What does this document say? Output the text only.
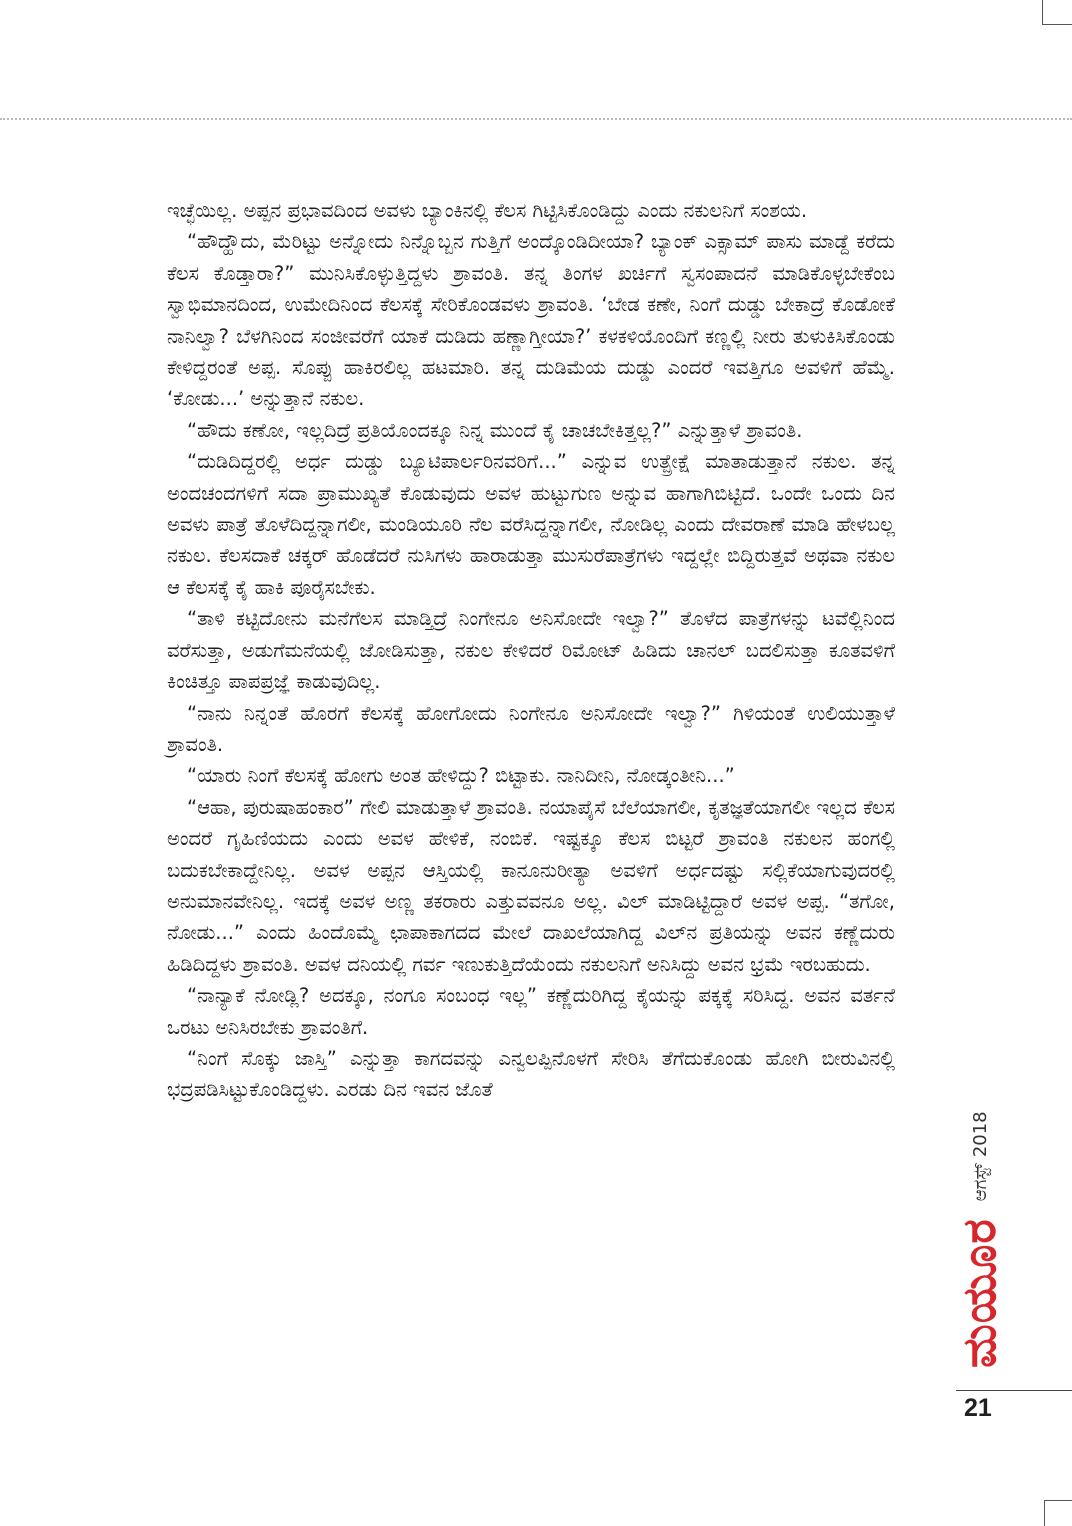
ಇಚ್ಛೆಯಿಲ್ಲ. ಅಪ್ಪನ ಪ್ರಭಾವದಿಂದ ಅವಳು ಬ್ಯಾಂಕಿನಲ್ಲಿ ಕೆಲಸ ಗಿಟ್ಟಿಸಿಕೊಂಡಿದ್ದು ಎಂದು ನಕುಲನಿಗೆ ಸಂಶಯ.

“ಹೌದ್ಹೌದು, ಮೆರಿಟ್ಟು ಅನ್ನೋದು ನಿನ್ನೊಬ್ಬನ ಗುತ್ತಿಗೆ ಅಂದ್ಕೊಂಡಿದೀಯಾ? ಬ್ಯಾಂಕ್ ಎಕ್ಸಾಮ್ ಪಾಸು ಮಾಡ್ದೆ ಕರೆದು ಕೆಲಸ ಕೊಡ್ತಾರಾ?” ಮುನಿಸಿಕೊಳ್ಳುತ್ತಿದ್ದಳು ಶ್ರಾವಂತಿ. ತನ್ನ ತಿಂಗಳ ಖರ್ಚಿಗೆ ಸ್ವಸಂಪಾದನೆ ಮಾಡಿಕೊಳ್ಳಬೇಕೆಂಬ ಸ್ವಾಭಿಮಾನದಿಂದ, ಉಮೇದಿನಿಂದ ಕೆಲಸಕ್ಕೆ ಸೇರಿಕೊಂಡವಳು ಶ್ರಾವಂತಿ. ‘ಬೇಡ ಕಣೇ, ನಿಂಗೆ ದುಡ್ಡು ಬೇಕಾದ್ರೆ ಕೊಡೋಕೆ ನಾನಿಲ್ವಾ? ಬೆಳಗಿನಿಂದ ಸಂಜೀವರೆಗೆ ಯಾಕೆ ದುಡಿದು ಹಣ್ಣಾಗ್ತೀಯಾ?’ ಕಳಕಳಿಯೊಂದಿಗೆ ಕಣ್ಣಲ್ಲಿ ನೀರು ತುಳುಕಿಸಿಕೊಂಡು ಕೇಳಿದ್ದರಂತೆ ಅಪ್ಪ. ಸೊಪ್ಪು ಹಾಕಿರಲಿಲ್ಲ ಹಟಮಾರಿ. ತನ್ನ ದುಡಿಮೆಯ ದುಡ್ಡು ಎಂದರೆ ಇವತ್ತಿಗೂ ಅವಳಿಗೆ ಹೆಮ್ಮೆ. ‘ಕೋಡು...’ ಅನ್ನುತ್ತಾನೆ ನಕುಲ.

“ಹೌದು ಕಣೋ, ಇಲ್ಲದಿದ್ರೆ ಪ್ರತಿಯೊಂದಕ್ಕೂ ನಿನ್ನ ಮುಂದೆ ಕೈ ಚಾಚಬೇಕಿತ್ತಲ್ಲ?” ಎನ್ನುತ್ತಾಳೆ ಶ್ರಾವಂತಿ.

“ದುಡಿದಿದ್ದರಲ್ಲಿ ಅರ್ಧ ದುಡ್ಡು ಬ್ಯೂಟಿಪಾರ್ಲರಿನವರಿಗೆ...” ಎನ್ನುವ ಉತ್ಪ್ರೇಕ್ಷೆ ಮಾತಾಡುತ್ತಾನೆ ನಕುಲ. ತನ್ನ ಅಂದಚಂದಗಳಿಗೆ ಸದಾ ಪ್ರಾಮುಖ್ಯತೆ ಕೊಡುವುದು ಅವಳ ಹುಟ್ಟುಗುಣ ಅನ್ನುವ ಹಾಗಾಗಿಬಿಟ್ಟಿದೆ. ಒಂದೇ ಒಂದು ದಿನ ಅವಳು ಪಾತ್ರೆ ತೊಳೆದಿದ್ದನ್ನಾಗಲೀ, ಮಂಡಿಯೂರಿ ನೆಲ ವರೆಸಿದ್ದನ್ನಾಗಲೀ, ನೋಡಿಲ್ಲ ಎಂದು ದೇವರಾಣೆ ಮಾಡಿ ಹೇಳಬಲ್ಲ ನಕುಲ. ಕೆಲಸದಾಕೆ ಚಕ್ಕರ್ ಹೊಡೆದರೆ ನುಸಿಗಳು ಹಾರಾಡುತ್ತಾ ಮುಸುರೆಪಾತ್ರೆಗಳು ಇದ್ದಲ್ಲೇ ಬಿದ್ದಿರುತ್ತವೆ ಅಥವಾ ನಕುಲ ಆ ಕೆಲಸಕ್ಕೆ ಕೈ ಹಾಕಿ ಪೂರೈಸಬೇಕು.

“ತಾಳಿ ಕಟ್ಟಿದೋನು ಮನೆಗೆಲಸ ಮಾಡ್ತಿದ್ರೆ ನಿಂಗೇನೂ ಅನಿಸೋದೇ ಇಲ್ವಾ?” ತೊಳೆದ ಪಾತ್ರೆಗಳನ್ನು ಟವೆಲ್ಲಿನಿಂದ ವರೆಸುತ್ತಾ, ಅಡುಗೆಮನೆಯಲ್ಲಿ ಜೋಡಿಸುತ್ತಾ, ನಕುಲ ಕೇಳಿದರೆ ರಿಮೋಟ್ ಹಿಡಿದು ಚಾನಲ್ ಬದಲಿಸುತ್ತಾ ಕೂತವಳಿಗೆ ಕಿಂಚಿತ್ತೂ ಪಾಪಪ್ರಜ್ಞೆ ಕಾಡುವುದಿಲ್ಲ.

“ನಾನು ನಿನ್ನಂತೆ ಹೊರಗೆ ಕೆಲಸಕ್ಕೆ ಹೋಗೋದು ನಿಂಗೇನೂ ಅನಿಸೋದೇ ಇಲ್ವಾ?” ಗಿಳಿಯಂತೆ ಉಲಿಯುತ್ತಾಳೆ ಶ್ರಾವಂತಿ.

“ಯಾರು ನಿಂಗೆ ಕೆಲಸಕ್ಕೆ ಹೋಗು ಅಂತ ಹೇಳಿದ್ದು? ಬಿಟ್ಟಾಕು. ನಾನಿದೀನಿ, ನೋಡ್ಕಂತೀನಿ...”

“ಆಹಾ, ಪುರುಷಾಹಂಕಾರ” ಗೇಲಿ ಮಾಡುತ್ತಾಳೆ ಶ್ರಾವಂತಿ. ನಯಾಪೈಸೆ ಬೆಲೆಯಾಗಲೀ, ಕೃತಜ್ಞತೆಯಾಗಲೀ ಇಲ್ಲದ ಕೆಲಸ ಅಂದರೆ ಗೃಹಿಣಿಯದು ಎಂದು ಅವಳ ಹೇಳಿಕೆ, ನಂಬಿಕೆ. ಇಷ್ಟಕ್ಕೂ ಕೆಲಸ ಬಿಟ್ಟರೆ ಶ್ರಾವಂತಿ ನಕುಲನ ಹಂಗಲ್ಲಿ ಬದುಕಬೇಕಾದ್ದೇನಿಲ್ಲ. ಅವಳ ಅಪ್ಪನ ಆಸ್ತಿಯಲ್ಲಿ ಕಾನೂನುರೀತ್ಯಾ ಅವಳಿಗೆ ಅರ್ಧದಷ್ಟು ಸಲ್ಲಿಕೆಯಾಗುವುದರಲ್ಲಿ ಅನುಮಾನವೇನಿಲ್ಲ. ಇದಕ್ಕೆ ಅವಳ ಅಣ್ಣ ತಕರಾರು ಎತ್ತುವವನೂ ಅಲ್ಲ. ವಿಲ್ ಮಾಡಿಟ್ಟಿದ್ದಾರೆ ಅವಳ ಅಪ್ಪ. “ತಗೋ, ನೋಡು...” ಎಂದು ಹಿಂದೊಮ್ಮೆ ಛಾಪಾಕಾಗದದ ಮೇಲೆ ದಾಖಲೆಯಾಗಿದ್ದ ವಿಲ್‌ನ ಪ್ರತಿಯನ್ನು ಅವನ ಕಣ್ಣೆದುರು ಹಿಡಿದಿದ್ದಳು ಶ್ರಾವಂತಿ. ಅವಳ ದನಿಯಲ್ಲಿ ಗರ್ವ ಇಣುಕುತ್ತಿದೆಯೆಂದು ನಕುಲನಿಗೆ ಅನಿಸಿದ್ದು ಅವನ ಭ್ರಮೆ ಇರಬಹುದು.

“ನಾನ್ಯಾಕೆ ನೋಡ್ಲಿ? ಅದಕ್ಕೂ, ನಂಗೂ ಸಂಬಂಧ ಇಲ್ಲ” ಕಣ್ಣೆದುರಿಗಿದ್ದ ಕೈಯನ್ನು ಪಕ್ಕಕ್ಕೆ ಸರಿಸಿದ್ದ. ಅವನ ವರ್ತನೆ ಒರಟು ಅನಿಸಿರಬೇಕು ಶ್ರಾವಂತಿಗೆ.

“ನಿಂಗೆ ಸೊಕ್ಕು ಜಾಸ್ತಿ” ಎನ್ನುತ್ತಾ ಕಾಗದವನ್ನು ಎನ್ವಲಪ್ಪಿನೊಳಗೆ ಸೇರಿಸಿ ತೆಗೆದುಕೊಂಡು ಹೋಗಿ ಬೀರುವಿನಲ್ಲಿ ಭದ್ರಪಡಿಸಿಟ್ಟುಕೊಂಡಿದ್ದಳು. ಎರಡು ದಿನ ಇವನ ಜೊತೆ

ಮಯೂರ ಆಗಸ್ಟ್ 2018
21
